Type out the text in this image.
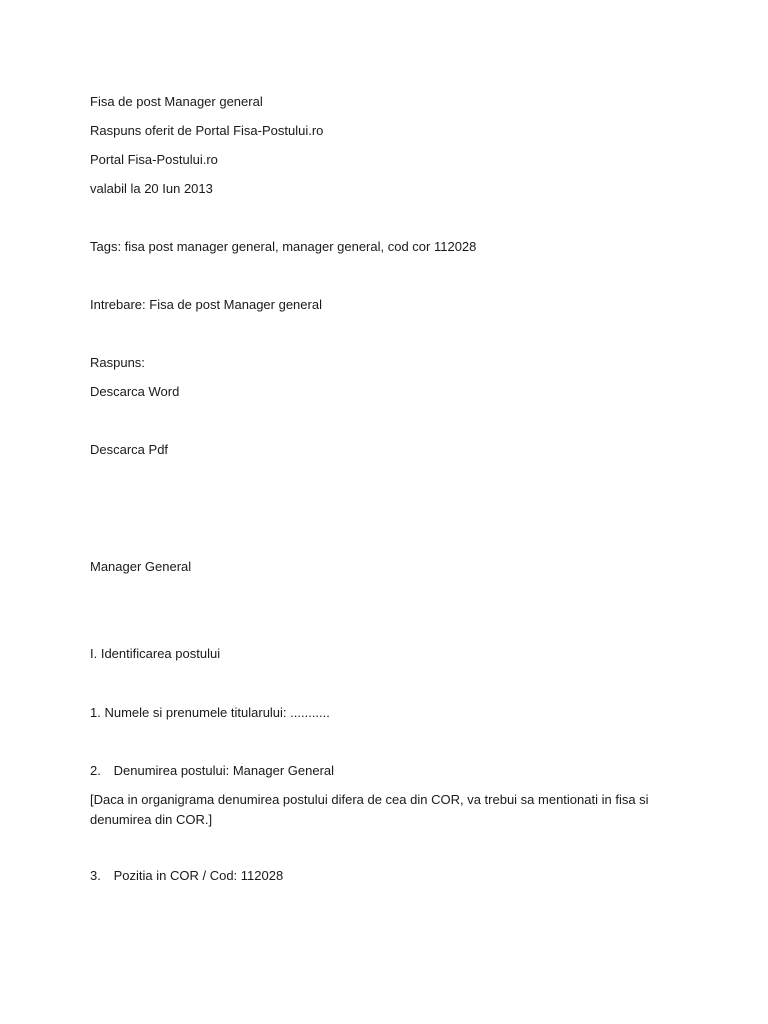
Fisa de post Manager general
Raspuns oferit de Portal Fisa-Postului.ro
Portal Fisa-Postului.ro
valabil la 20 Iun 2013
Tags: fisa post manager general, manager general, cod cor 112028
Intrebare: Fisa de post Manager general
Raspuns:
Descarca Word
Descarca Pdf
Manager General
I. Identificarea postului
1. Numele si prenumele titularului: ...........
2. Denumirea postului: Manager General
[Daca in organigrama denumirea postului difera de cea din COR, va trebui sa mentionati in fisa si denumirea din COR.]
3. Pozitia in COR / Cod: 112028
